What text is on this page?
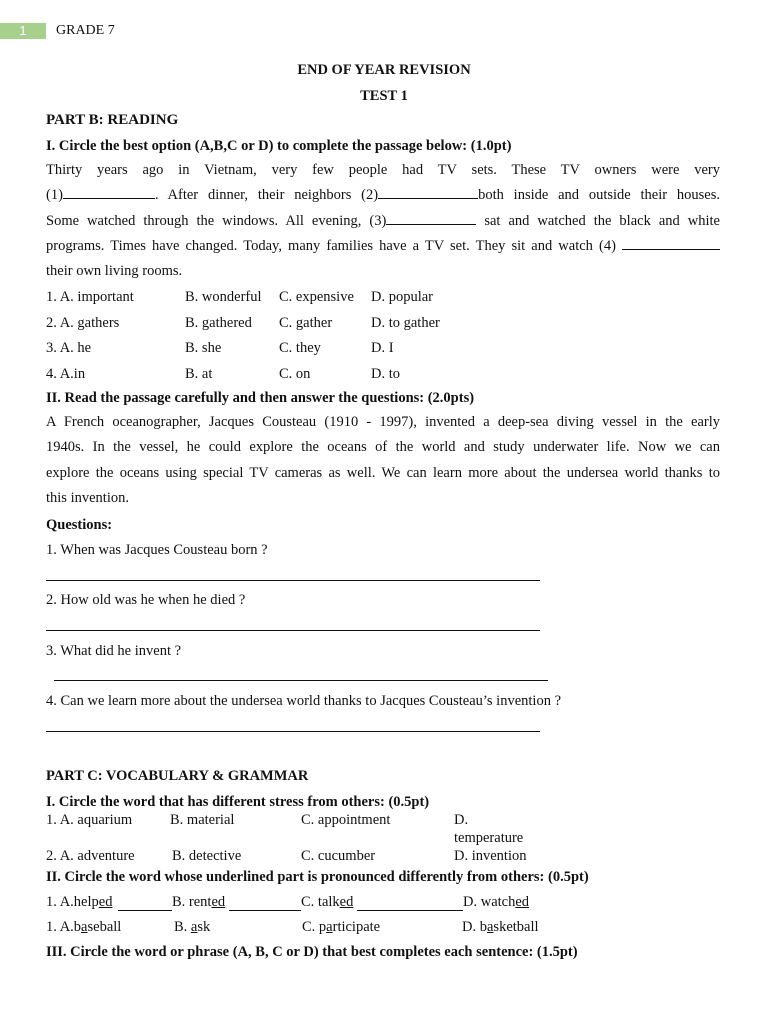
1	GRADE 7
END OF YEAR REVISION
TEST 1
PART B: READING
I. Circle the best option (A,B,C or D) to complete the passage below: (1.0pt)
Thirty years ago in Vietnam, very few people had TV sets. These TV owners were very
(1)	. After dinner, their neighbors (2)	both inside and outside their houses.
Some watched through the windows. All evening, (3)	sat and watched the black and white
programs. Times have changed. Today, many families have a TV set. They sit and watch (4)
their own living rooms.
1. A. important	B. wonderful C. expensive D. popular
2. A. gathers	B. gathered C. gather	D. to gather
3. A. he	B. she	C. they	D. I
4. A.in	B. at	C. on	D. to
II. Read the passage carefully and then answer the questions: (2.0pts)
A French oceanographer, Jacques Cousteau (1910 - 1997), invented a deep-sea diving vessel in the early
1940s. In the vessel, he could explore the oceans of the world and study underwater life. Now we can
explore the oceans using special TV cameras as well. We can learn more about the undersea world thanks to
this invention.
Questions:
1. When was Jacques Cousteau born ?
2. How old was he when he died ?
3. What did he invent ?
4. Can we learn more about the undersea world thanks to Jacques Cousteau’s invention ?
PART C: VOCABULARY & GRAMMAR
I. Circle the word that has different stress from others: (0.5pt)
1. A. aquarium	B. material	C. appointment	D.
temperature
2. A. adventure	B. detective	C. cucumber	D. invention
II. Circle the word whose underlined part is pronounced differently from others: (0.5pt)
1. A.helped	B. rented	C. talked	D. watched
1. A.baseball	B. ask	C. participate	D. basketball
III. Circle the word or phrase (A, B, C or D) that best completes each sentence: (1.5pt)
